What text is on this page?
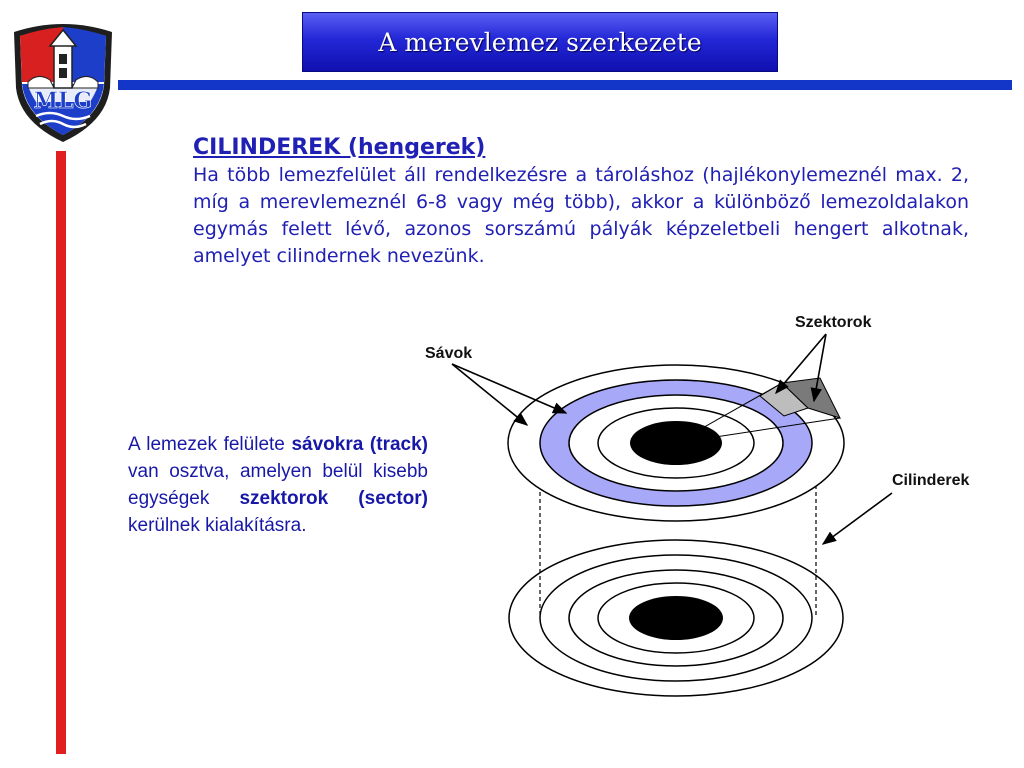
MLG
A merevlemez szerkezete
CILINDEREK (hengerek)
Ha több lemezfelület áll rendelkezésre a tároláshoz (hajlékonylemeznél max. 2, míg a merevlemeznél 6-8 vagy még több), akkor a különböző lemezoldalakon egymás felett lévő, azonos sorszámú pályák képzeletbeli hengert alkotnak, amelyet cilindernek nevezünk.
A lemezek felülete sávokra (track) van osztva, amelyen belül kisebb egységek szektorok (sector) kerülnek kialakításra.
Sávok
Szektorok
Cilinderek
